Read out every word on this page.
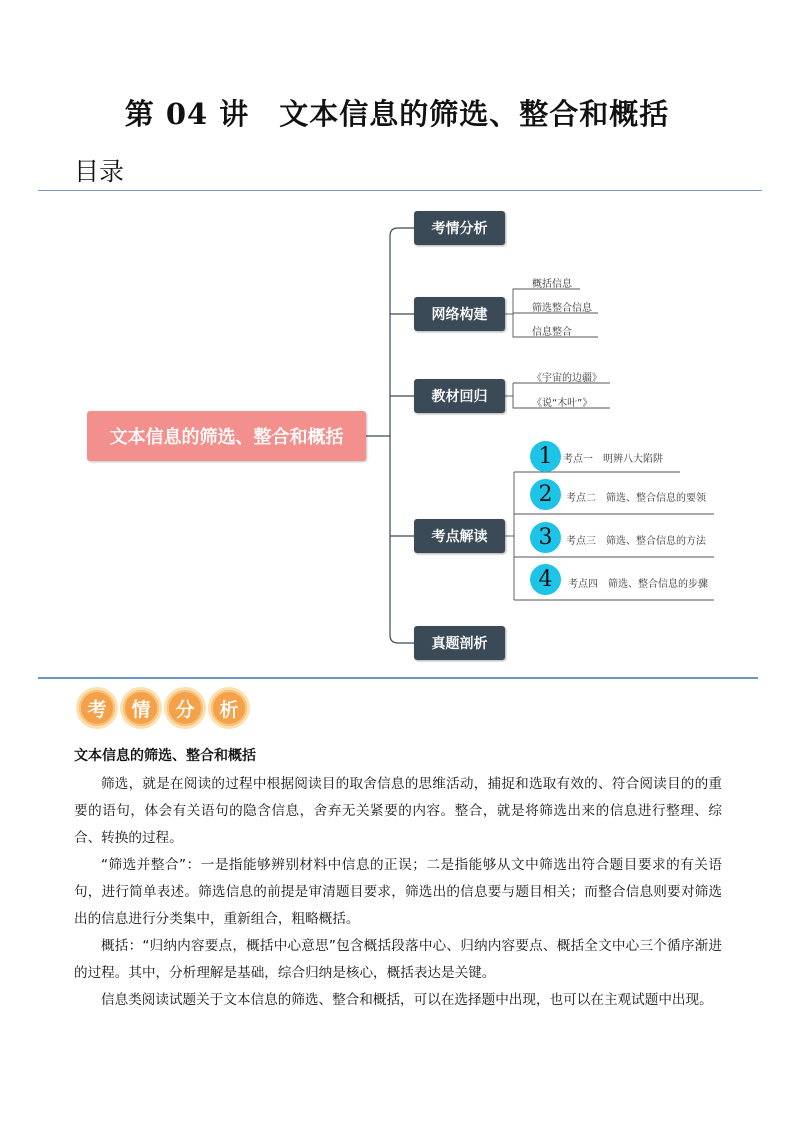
第 04 讲　文本信息的筛选、整合和概括
目录
文本信息的筛选、整合和概括
考情分析
网络构建
教材回归
考点解读
真题剖析
概括信息
筛选整合信息
信息整合
《宇宙的边疆》
《说“木叶”》
1	考点一　明辨八大陷阱
2	考点二　筛选、整合信息的要领
3	考点三　筛选、整合信息的方法
4	考点四　筛选、整合信息的步骤
考	情	分	析
文本信息的筛选、整合和概括

筛选，就是在阅读的过程中根据阅读目的取舍信息的思维活动，捕捉和选取有效的、符合阅读目的的重要的语句，体会有关语句的隐含信息，舍弃无关紧要的内容。整合，就是将筛选出来的信息进行整理、综合、转换的过程。

“筛选并整合”：一是指能够辨别材料中信息的正误；二是指能够从文中筛选出符合题目要求的有关语句，进行简单表述。筛选信息的前提是审清题目要求，筛选出的信息要与题目相关；而整合信息则要对筛选出的信息进行分类集中，重新组合，粗略概括。

概括：“归纳内容要点，概括中心意思”包含概括段落中心、归纳内容要点、概括全文中心三个循序渐进的过程。其中，分析理解是基础，综合归纳是核心，概括表达是关键。

信息类阅读试题关于文本信息的筛选、整合和概括，可以在选择题中出现，也可以在主观试题中出现。
